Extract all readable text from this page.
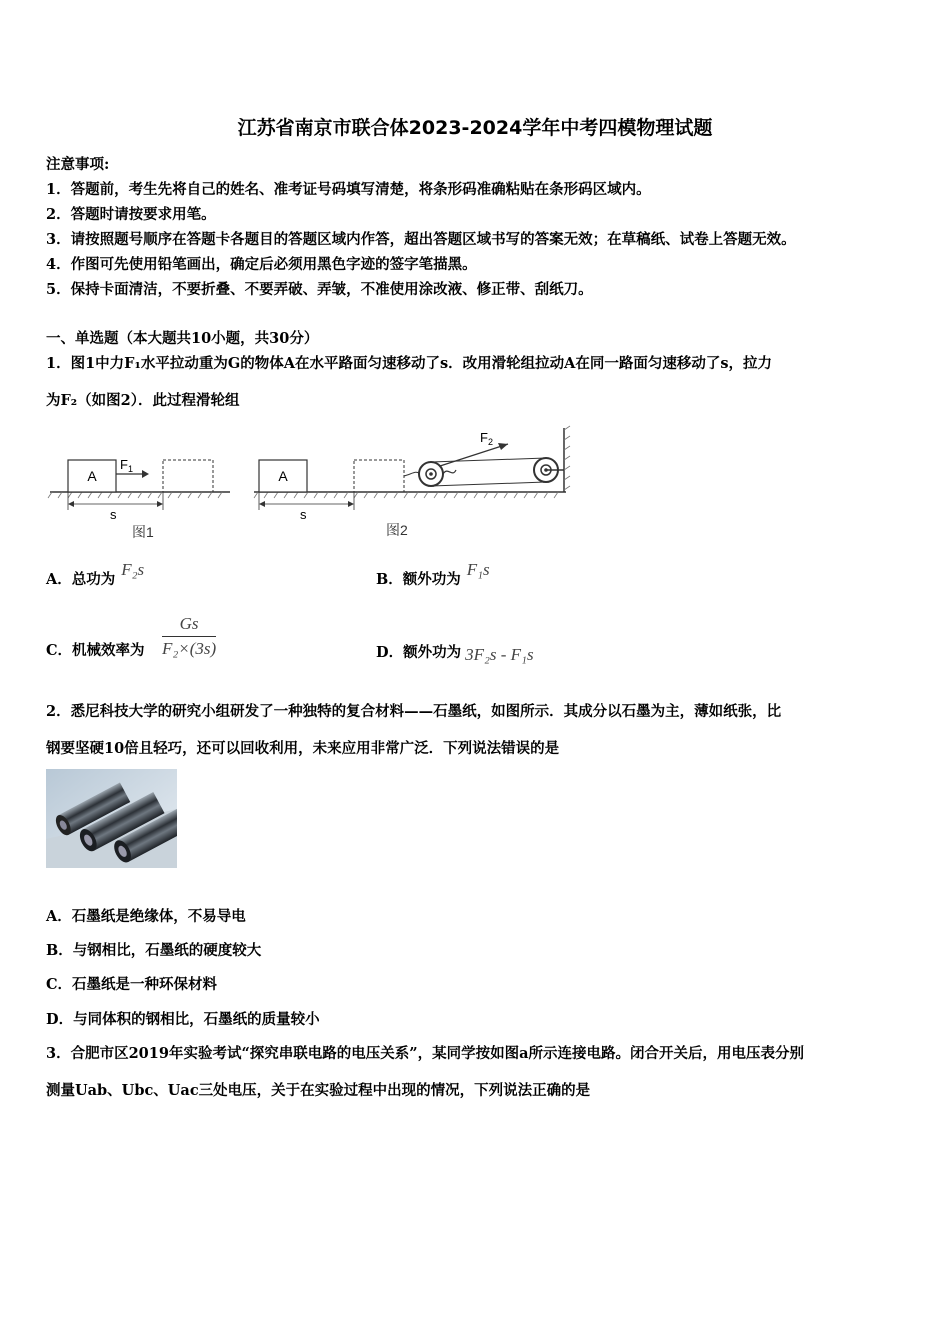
江苏省南京市联合体2023-2024学年中考四模物理试题
注意事项:
1．答题前，考生先将自己的姓名、准考证号码填写清楚，将条形码准确粘贴在条形码区域内。
2．答题时请按要求用笔。
3．请按照题号顺序在答题卡各题目的答题区域内作答，超出答题区域书写的答案无效；在草稿纸、试卷上答题无效。
4．作图可先使用铅笔画出，确定后必须用黑色字迹的签字笔描黑。
5．保持卡面清洁，不要折叠、不要弄破、弄皱，不准使用涂改液、修正带、刮纸刀。
一、单选题（本大题共10小题，共30分）
1．图1中力F₁水平拉动重为G的物体A在水平路面匀速移动了s．改用滑轮组拉动A在同一路面匀速移动了s，拉力
为F₂（如图2）．此过程滑轮组
A
$F_1$
s
图1
A
$F_2$
s
图2
A．总功为F₂s
B．额外功为F₁s
C．机械效率为 $\frac{Gs}{\text{F₂×(3s)}}$	D．额外功为 3F₂s - F₁s
2．悉尼科技大学的研究小组研发了一种独特的复合材料——石墨纸，如图所示．其成分以石墨为主，薄如纸张，比
钢要坚硬10倍且轻巧，还可以回收利用，未来应用非常广泛．下列说法错误的是
A．石墨纸是绝缘体，不易导电
B．与钢相比，石墨纸的硬度较大
C．石墨纸是一种环保材料
D．与同体积的钢相比，石墨纸的质量较小
3．合肥市区2019年实验考试“探究串联电路的电压关系”，某同学按如图a所示连接电路。闭合开关后，用电压表分别
测量Uab、Ubc、Uac三处电压，关于在实验过程中出现的情况，下列说法正确的是
